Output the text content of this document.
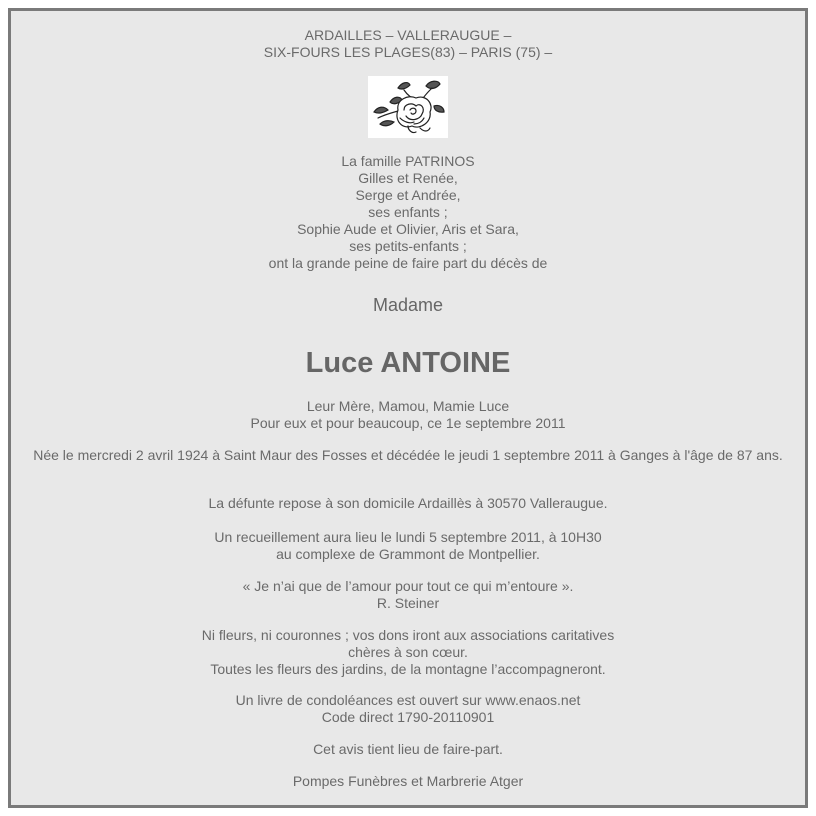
ARDAILLES – VALLERAUGUE –
SIX-FOURS LES PLAGES(83) – PARIS (75) –
La famille PATRINOS
Gilles et Renée,
Serge et Andrée,
ses enfants ;
Sophie Aude et Olivier, Aris et Sara,
ses petits-enfants ;
ont la grande peine de faire part du décès de
Madame
Luce ANTOINE
Leur Mère, Mamou, Mamie Luce
Pour eux et pour beaucoup, ce 1e septembre 2011
Née le mercredi 2 avril 1924 à Saint Maur des Fosses et décédée le jeudi 1 septembre 2011 à Ganges à l'âge de 87 ans.
La défunte repose à son domicile Ardaillès à 30570 Valleraugue.
Un recueillement aura lieu le lundi 5 septembre 2011, à 10H30
au complexe de Grammont de Montpellier.
« Je n’ai que de l’amour pour tout ce qui m’entoure ».
R. Steiner
Ni fleurs, ni couronnes ; vos dons iront aux associations caritatives
chères à son cœur.
Toutes les fleurs des jardins, de la montagne l’accompagneront.
Un livre de condoléances est ouvert sur www.enaos.net
Code direct 1790-20110901
Cet avis tient lieu de faire-part.
Pompes Funèbres et Marbrerie Atger
